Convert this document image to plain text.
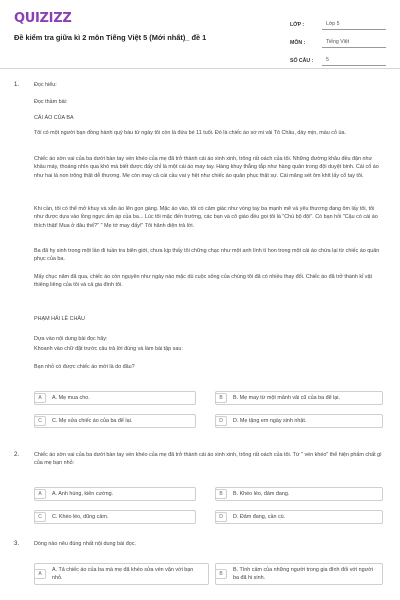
QUIZIZZ
Đề kiểm tra giữa kì 2 môn Tiếng Việt 5 (Mới nhất)_ đề 1
LỚP :	Lớp 5
MÔN :	Tiếng Việt
SỐ CÂU :	5
1.	Đọc hiểu:
Đọc thầm bài:
CÁI ÁO CỦA BA
Tôi có một người bạn đồng hành quý báu từ ngày tôi còn là đứa bé 11 tuổi. Đó là chiếc áo sơ mi vải Tô Châu, dày mịn, màu cỏ úa.
Chiếc áo sờn vai của ba dưới bàn tay vén khéo của mẹ đã trở thành cái áo xinh xinh, trông rất oách của tôi. Những đường khâu đều đặn như khâu máy, thoáng nhìn qua khó mà biết được đấy chỉ là một cái áo may tay. Hàng khuy thẳng tắp như hàng quân trong đội duyệt binh. Cái cổ áo như hai lá non trông thật dễ thương. Mẹ còn may cả cái cầu vai y hệt như chiếc áo quân phục thật sự. Cái măng sét ôm khít lấy cổ tay tôi.
Khi cần, tôi có thể mở khuy và xắn áo lên gọn gàng. Mặc áo vào, tôi có cảm giác như vòng tay ba mạnh mẽ và yêu thương đang ôm lấy tôi, tôi như được dựa vào lồng ngực ấm áp của ba... Lúc tôi mặc đến trường, các bạn và cô giáo đều gọi tôi là "Chú bộ đội". Có bạn hỏi "Cậu có cái áo thích thật! Mua ở đâu thế?" " Mẹ tớ may đấy!" Tôi hãnh diện trả lời.
Ba đã hy sinh trong một lần đi tuần tra biên giới, chưa kịp thấy tôi chững chạc như một anh lính tí hon trong một cái áo chứa lại từ chiếc áo quân phục của ba.
Mấy chục năm đã qua, chiếc áo còn nguyên như ngày nào mặc dù cuộc sống của chúng tôi đã có nhiều thay đổi. Chiếc áo đã trở thành kỉ vật thiêng liêng của tôi và cả gia đình tôi.
PHẠM HẢI LÊ CHÂU
Dựa vào nội dung bài đọc hãy:
Khoanh vào chữ đặt trước câu trả lời đúng và làm bài tập sau:
Bạn nhỏ có được chiếc áo mới là do đâu?
A	A. Mẹ mua cho.	B	B. Mẹ may từ một mảnh vải cũ của ba để lại.
C	C. Mẹ sửa chiếc áo của ba để lại.	D	D. Mẹ tặng em ngày sinh nhật.
2.	Chiếc áo sờn vai của ba dưới bàn tay vén khéo của mẹ đã trở thành cái áo xinh xinh, trông rất oách của tôi. Từ " vén khéo" thể hiện phẩm chất gì của mẹ bạn nhỏ:
A	A. Anh hùng, kiên cường.	B	B. Khéo léo, đảm đang.
C	C. Khéo léo, dũng cảm.	D	D. Đảm đang, cần cù.
3.	Dòng nào nêu đúng nhất nội dung bài đọc.
A
A. Tả chiếc áo của ba mà mẹ đã khéo sửa vén vặn với bạn nhỏ.
B
B. Tình cảm của những người trong gia đình đối với người ba đã hi sinh.
